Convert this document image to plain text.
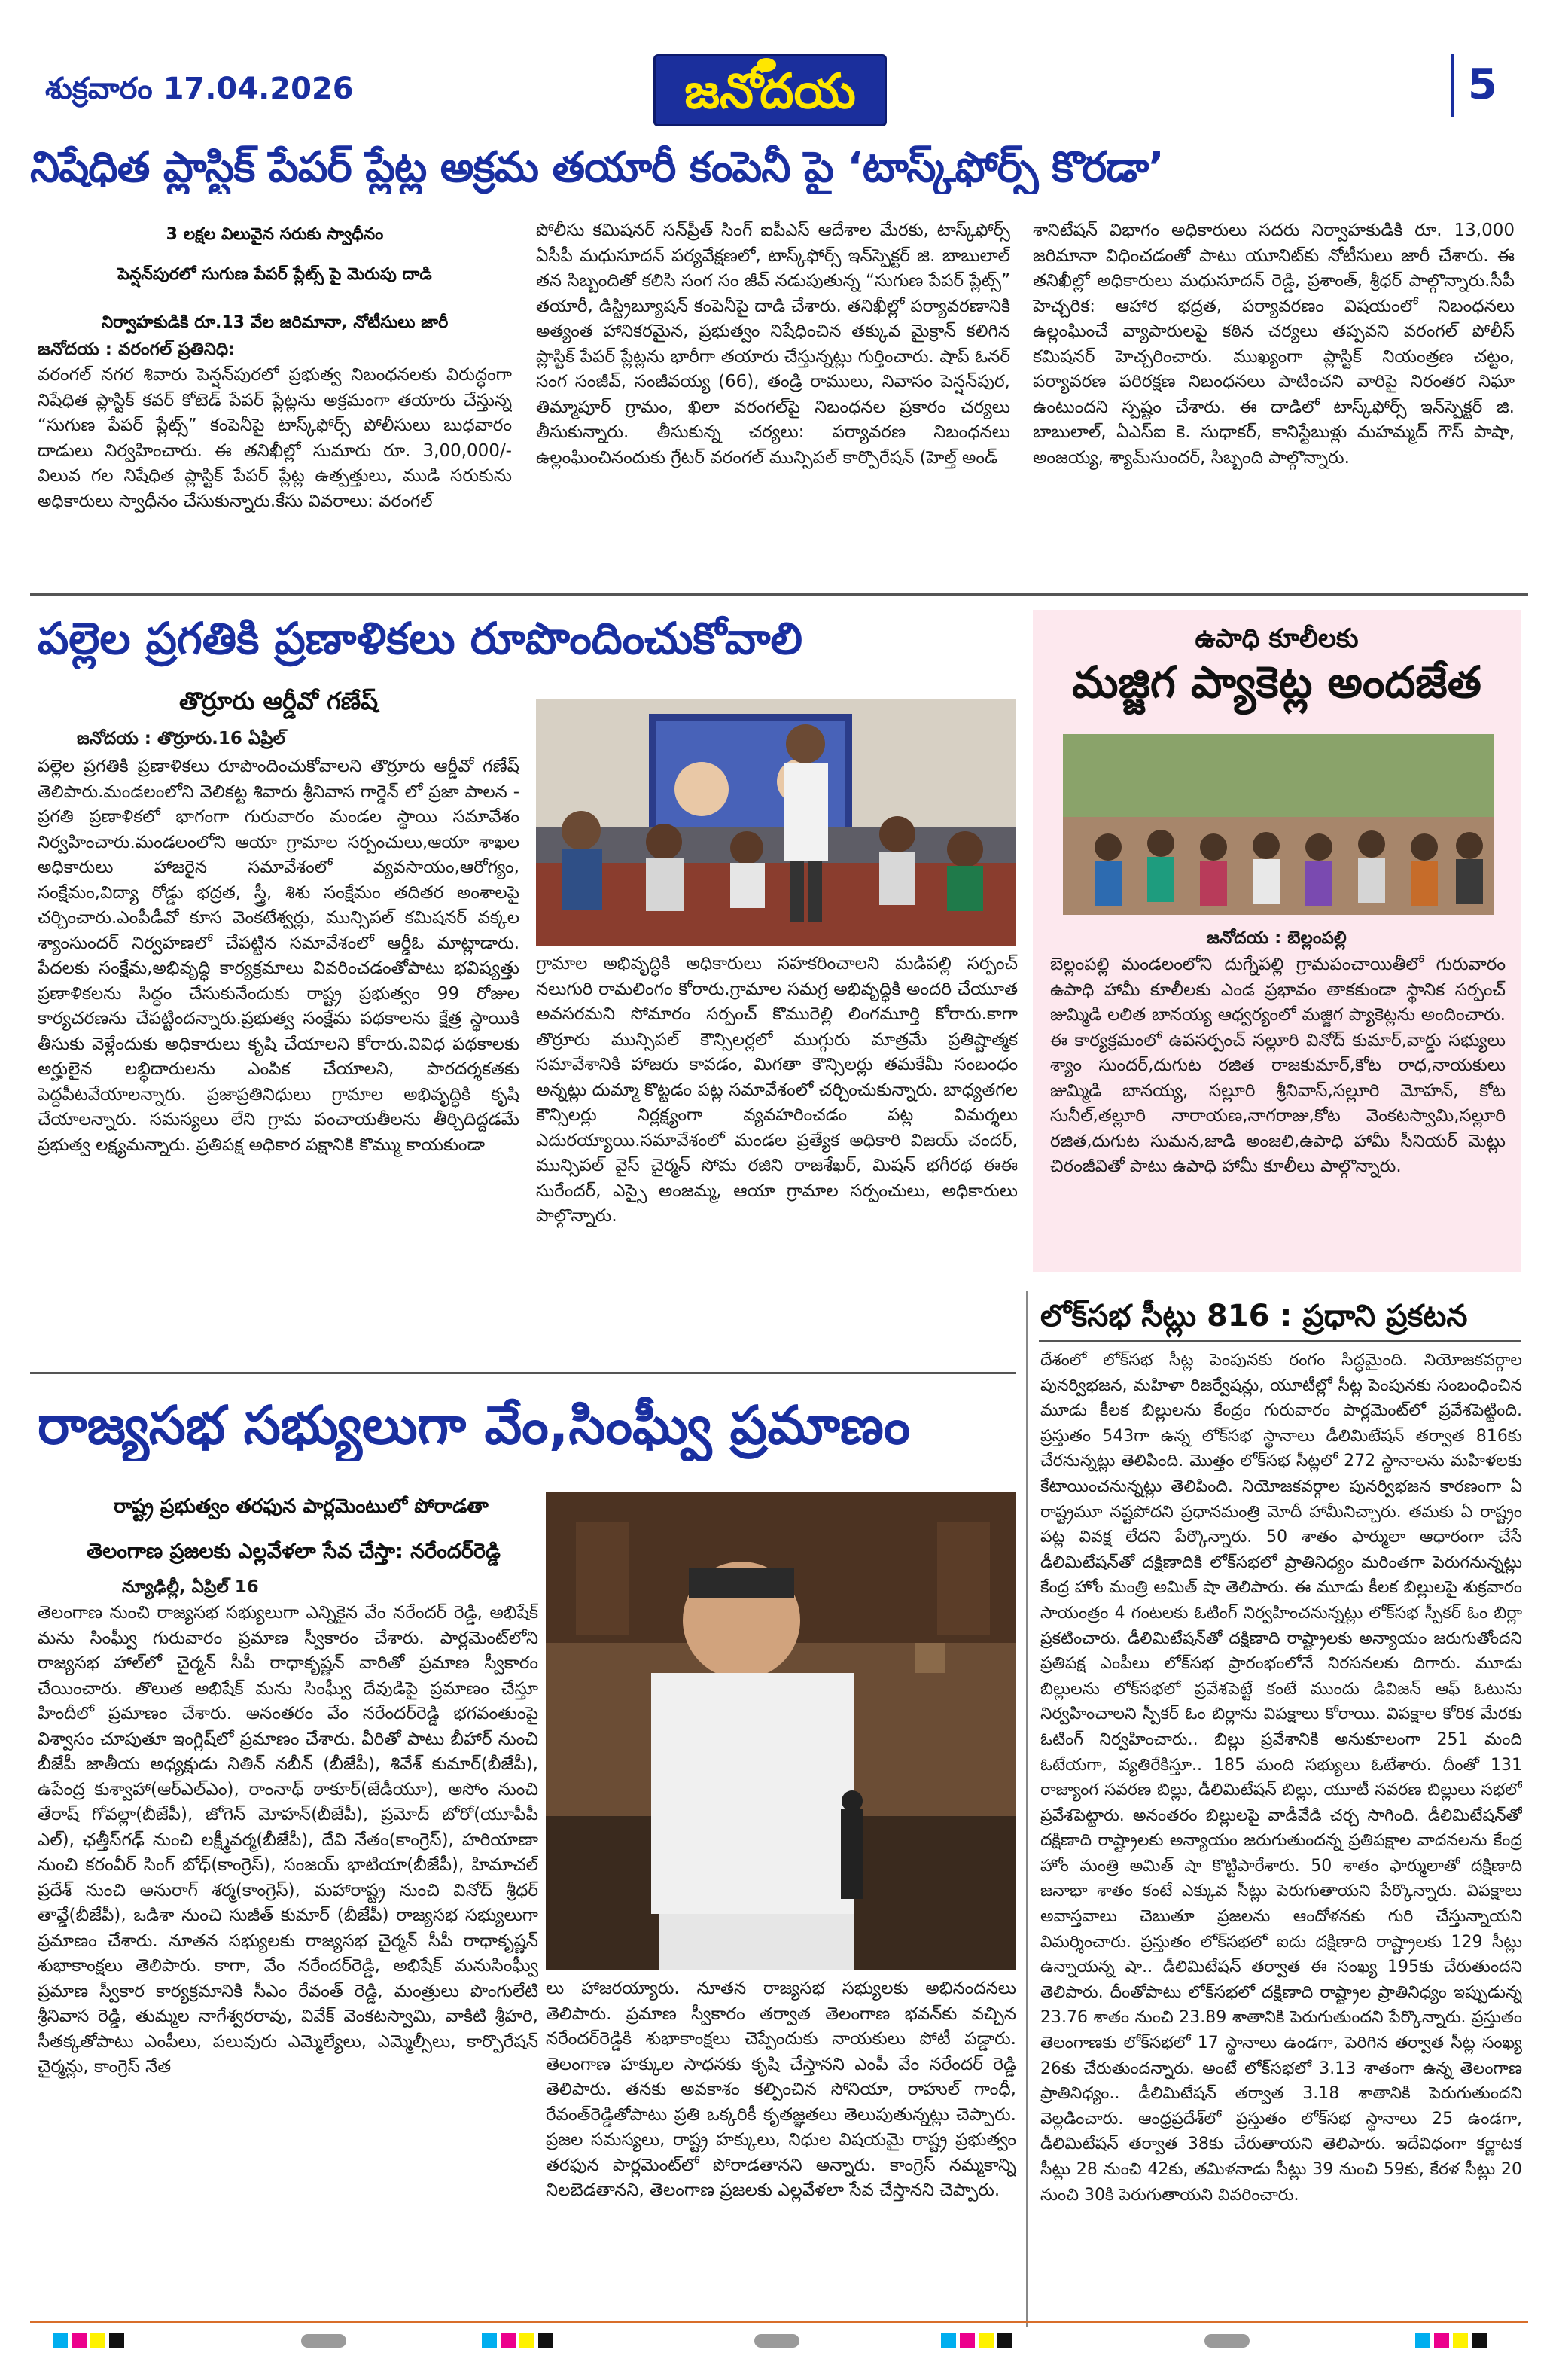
శుక్రవారం 17.04.2026	జనోదయ	5
నిషేధిత ప్లాస్టిక్ పేపర్ ప్లేట్ల అక్రమ తయారీ కంపెనీ పై ‘టాస్క్‌ఫోర్స్ కొరడా’
3 లక్షల విలువైన సరుకు స్వాధీనం
పెన్షన్‌పురలో సుగుణ పేపర్ ప్లేట్స్ పై మెరుపు దాడి
నిర్వాహకుడికి రూ.13 వేల జరిమానా, నోటీసులు జారీ
జనోదయ : వరంగల్ ప్రతినిధి:
వరంగల్ నగర శివారు పెన్షన్‌పురలో ప్రభుత్వ నిబంధనలకు విరుద్ధంగా నిషేధిత ప్లాస్టిక్ కవర్ కోటెడ్ పేపర్ ప్లేట్లను అక్రమంగా తయారు చేస్తున్న “సుగుణ పేపర్ ప్లేట్స్” కంపెనీపై టాస్క్‌ఫోర్స్ పోలీసులు బుధవారం దాడులు నిర్వహించారు. ఈ తనిఖీల్లో సుమారు రూ. 3,00,000/- విలువ గల నిషేధిత ప్లాస్టిక్ పేపర్ ప్లేట్ల ఉత్పత్తులు, ముడి సరుకును అధికారులు స్వాధీనం చేసుకున్నారు.కేసు వివరాలు: వరంగల్
పోలీసు కమిషనర్ సన్‌ప్రీత్ సింగ్ ఐపీఎస్ ఆదేశాల మేరకు, టాస్క్‌ఫోర్స్ ఏసీపీ మధుసూదన్ పర్యవేక్షణలో, టాస్క్‌ఫోర్స్ ఇన్‌స్పెక్టర్ జి. బాబులాల్ తన సిబ్బందితో కలిసి సంగ సం జీవ్ నడుపుతున్న “సుగుణ పేపర్ ప్లేట్స్” తయారీ, డిస్ట్రిబ్యూషన్ కంపెనీపై దాడి చేశారు. తనిఖీల్లో పర్యావరణానికి అత్యంత హానికరమైన, ప్రభుత్వం నిషేధించిన తక్కువ మైక్రాన్ కలిగిన ప్లాస్టిక్ పేపర్ ప్లేట్లను భారీగా తయారు చేస్తున్నట్లు గుర్తించారు. షాప్ ఓనర్ సంగ సంజీవ్, సంజీవయ్య (66), తండ్రి రాములు, నివాసం పెన్షన్‌పుర, తిమ్మాపూర్ గ్రామం, ఖిలా వరంగల్‌పై నిబంధనల ప్రకారం చర్యలు తీసుకున్నారు. తీసుకున్న చర్యలు: పర్యావరణ నిబంధనలు ఉల్లంఘించినందుకు గ్రేటర్ వరంగల్ మున్సిపల్ కార్పొరేషన్ (హెల్త్ అండ్
శానిటేషన్ విభాగం అధికారులు సదరు నిర్వాహకుడికి రూ. 13,000 జరిమానా విధించడంతో పాటు యూనిట్‌కు నోటీసులు జారీ చేశారు. ఈ తనిఖీల్లో అధికారులు మధుసూదన్ రెడ్డి, ప్రశాంత్, శ్రీధర్ పాల్గొన్నారు.సీపీ హెచ్చరిక: ఆహార భద్రత, పర్యావరణం విషయంలో నిబంధనలు ఉల్లంఘించే వ్యాపారులపై కఠిన చర్యలు తప్పవని వరంగల్ పోలీస్ కమిషనర్ హెచ్చరించారు. ముఖ్యంగా ప్లాస్టిక్ నియంత్రణ చట్టం, పర్యావరణ పరిరక్షణ నిబంధనలు పాటించని వారిపై నిరంతర నిఘా ఉంటుందని స్పష్టం చేశారు. ఈ దాడిలో టాస్క్‌ఫోర్స్ ఇన్‌స్పెక్టర్ జి. బాబులాల్, ఏఎస్ఐ కె. సుధాకర్, కానిస్టేబుళ్లు మహమ్మద్ గౌస్ పాషా, అంజయ్య, శ్యామ్‌సుందర్, సిబ్బంది పాల్గొన్నారు.
పల్లెల ప్రగతికి ప్రణాళికలు రూపొందించుకోవాలి
తొర్రూరు ఆర్డీవో గణేష్
జనోదయ : తొర్రూరు.16 ఏప్రిల్
పల్లెల ప్రగతికి ప్రణాళికలు రూపొందించుకోవాలని తొర్రూరు ఆర్డీవో గణేష్ తెలిపారు.మండలంలోని వెలికట్ట శివారు శ్రీనివాస గార్డెన్ లో ప్రజా పాలన - ప్రగతి ప్రణాళికలో భాగంగా గురువారం మండల స్థాయి సమావేశం నిర్వహించారు.మండలంలోని ఆయా గ్రామాల సర్పంచులు,ఆయా శాఖల అధికారులు హాజరైన సమావేశంలో వ్యవసాయం,ఆరోగ్యం, సంక్షేమం,విద్యా రోడ్డు భద్రత, స్త్రీ, శిశు సంక్షేమం తదితర అంశాలపై చర్చించారు.ఎంపీడీవో కూస వెంకటేశ్వర్లు, మున్సిపల్ కమిషనర్ వక్కల శ్యాంసుందర్ నిర్వహణలో చేపట్టిన సమావేశంలో ఆర్డీఓ మాట్లాడారు. పేదలకు సంక్షేమ,అభివృద్ధి కార్యక్రమాలు వివరించడంతోపాటు భవిష్యత్తు ప్రణాళికలను సిద్ధం చేసుకునేందుకు రాష్ట్ర ప్రభుత్వం 99 రోజుల కార్యచరణను చేపట్టిందన్నారు.ప్రభుత్వ సంక్షేమ పథకాలను క్షేత్ర స్థాయికి తీసుకు వెళ్లేందుకు అధికారులు కృషి చేయాలని కోరారు.వివిధ పథకాలకు అర్హులైన లబ్ధిదారులను ఎంపిక చేయాలని, పారదర్శకతకు పెద్దపీటవేయాలన్నారు. ప్రజాప్రతినిధులు గ్రామాల అభివృద్ధికి కృషి చేయాలన్నారు. సమస్యలు లేని గ్రామ పంచాయతీలను తీర్చిదిద్దడమే ప్రభుత్వ లక్ష్యమన్నారు. ప్రతిపక్ష అధికార పక్షానికి కొమ్ము కాయకుండా
గ్రామాల అభివృద్ధికి అధికారులు సహకరించాలని మడిపల్లి సర్పంచ్ నలుగురి రామలింగం కోరారు.గ్రామాల సమగ్ర అభివృద్ధికి అందరి చేయూత అవసరమని సోమారం సర్పంచ్ కొమురెల్లి లింగమూర్తి కోరారు.కాగా తొర్రూరు మున్సిపల్ కౌన్సిలర్లలో ముగ్గురు మాత్రమే ప్రతిష్టాత్మక సమావేశానికి హాజరు కావడం, మిగతా కౌన్సిలర్లు తమకేమీ సంబంధం అన్నట్లు దుమ్మా కొట్టడం పట్ల సమావేశంలో చర్చించుకున్నారు. బాధ్యతగల కౌన్సిలర్లు నిర్లక్ష్యంగా వ్యవహరించడం పట్ల విమర్శలు ఎదురయ్యాయి.సమావేశంలో మండల ప్రత్యేక అధికారి విజయ్ చందర్, మున్సిపల్ వైస్ చైర్మన్ సోమ రజిని రాజశేఖర్, మిషన్ భగీరథ ఈఈ సురేందర్, ఎస్సై అంజమ్మ, ఆయా గ్రామాల సర్పంచులు, అధికారులు పాల్గొన్నారు.
ఉపాధి కూలీలకు
మజ్జిగ ప్యాకెట్ల అందజేత
జనోదయ : బెల్లంపల్లి
బెల్లంపల్లి మండలంలోని దుగ్నేపల్లి గ్రామపంచాయితీలో గురువారం ఉపాధి హామీ కూలీలకు ఎండ ప్రభావం తాకకుండా స్థానిక సర్పంచ్ జుమ్మిడి లలిత బానయ్య ఆధ్వర్యంలో మజ్జిగ ప్యాకెట్లను అందించారు. ఈ కార్యక్రమంలో ఉపసర్పంచ్ సల్లూరి వినోద్ కుమార్,వార్డు సభ్యులు శ్యాం సుందర్,దుగుట రజిత రాజకుమార్,కోట రాధ,నాయకులు జుమ్మిడి బానయ్య, సల్లూరి శ్రీనివాస్,సల్లూరి మోహన్, కోట సునీల్,తల్లూరి నారాయణ,నాగరాజు,కోట వెంకటస్వామి,సల్లూరి రజిత,దుగుట సుమన,జాడి అంజలి,ఉపాధి హామీ సీనియర్ మెట్లు చిరంజీవితో పాటు ఉపాధి హామీ కూలీలు పాల్గొన్నారు.
లోక్‌సభ సీట్లు 816 : ప్రధాని ప్రకటన
దేశంలో లోక్‌సభ సీట్ల పెంపునకు రంగం సిద్ధమైంది. నియోజకవర్గాల పునర్విభజన, మహిళా రిజర్వేషన్లు, యూటీల్లో సీట్ల పెంపునకు సంబంధించిన మూడు కీలక బిల్లులను కేంద్రం గురువారం పార్లమెంట్‌లో ప్రవేశపెట్టింది. ప్రస్తుతం 543గా ఉన్న లోక్‌సభ స్థానాలు డీలిమిటేషన్ తర్వాత 816కు చేరనున్నట్లు తెలిపింది. మొత్తం లోక్‌సభ సీట్లలో 272 స్థానాలను మహిళలకు కేటాయించనున్నట్లు తెలిపింది. నియోజకవర్గాల పునర్విభజన కారణంగా ఏ రాష్ట్రమూ నష్టపోదని ప్రధానమంత్రి మోదీ హామీనిచ్చారు. తమకు ఏ రాష్ట్రం పట్ల వివక్ష లేదని పేర్కొన్నారు. 50 శాతం ఫార్ములా ఆధారంగా చేసే డీలిమిటేషన్‌తో దక్షిణాదికి లోక్‌సభలో ప్రాతినిధ్యం మరింతగా పెరుగనున్నట్లు కేంద్ర హోం మంత్రి అమిత్ షా తెలిపారు. ఈ మూడు కీలక బిల్లులపై శుక్రవారం సాయంత్రం 4 గంటలకు ఓటింగ్ నిర్వహించనున్నట్లు లోక్‌సభ స్పీకర్ ఓం బిర్లా ప్రకటించారు. డీలిమిటేషన్‌తో దక్షిణాది రాష్ట్రాలకు అన్యాయం జరుగుతోందని ప్రతిపక్ష ఎంపీలు లోక్‌సభ ప్రారంభంలోనే నిరసనలకు దిగారు. మూడు బిల్లులను లోక్‌సభలో ప్రవేశపెట్టే కంటే ముందు డివిజన్ ఆఫ్ ఓటును నిర్వహించాలని స్పీకర్ ఓం బిర్లాను విపక్షాలు కోరాయి. విపక్షాల కోరిక మేరకు ఓటింగ్ నిర్వహించారు.. బిల్లు ప్రవేశానికి అనుకూలంగా 251 మంది ఓటేయగా, వ్యతిరేకిస్తూ.. 185 మంది సభ్యులు ఓటేశారు. దీంతో 131 రాజ్యాంగ సవరణ బిల్లు, డీలిమిటేషన్ బిల్లు, యూటీ సవరణ బిల్లులు సభలో ప్రవేశపెట్టారు. అనంతరం బిల్లులపై వాడీవేడి చర్చ సాగింది. డీలిమిటేషన్‌తో దక్షిణాది రాష్ట్రాలకు అన్యాయం జరుగుతుందన్న ప్రతిపక్షాల వాదనలను కేంద్ర హోం మంత్రి అమిత్ షా కొట్టిపారేశారు. 50 శాతం ఫార్ములాతో దక్షిణాది జనాభా శాతం కంటే ఎక్కువ సీట్లు పెరుగుతాయని పేర్కొన్నారు. విపక్షాలు అవాస్తవాలు చెబుతూ ప్రజలను ఆందోళనకు గురి చేస్తున్నాయని విమర్శించారు. ప్రస్తుతం లోక్‌సభలో ఐదు దక్షిణాది రాష్ట్రాలకు 129 సీట్లు ఉన్నాయన్న షా.. డీలిమిటేషన్ తర్వాత ఈ సంఖ్య 195కు చేరుతుందని తెలిపారు. దీంతోపాటు లోక్‌సభలో దక్షిణాది రాష్ట్రాల ప్రాతినిధ్యం ఇప్పుడున్న 23.76 శాతం నుంచి 23.89 శాతానికి పెరుగుతుందని పేర్కొన్నారు. ప్రస్తుతం తెలంగాణకు లోక్‌సభలో 17 స్థానాలు ఉండగా, పెరిగిన తర్వాత సీట్ల సంఖ్య 26కు చేరుతుందన్నారు. అంటే లోక్‌సభలో 3.13 శాతంగా ఉన్న తెలంగాణ ప్రాతినిధ్యం.. డీలిమిటేషన్ తర్వాత 3.18 శాతానికి పెరుగుతుందని వెల్లడించారు. ఆంధ్రప్రదేశ్‌లో ప్రస్తుతం లోక్‌సభ స్థానాలు 25 ఉండగా, డీలిమిటేషన్ తర్వాత 38కు చేరుతాయని తెలిపారు. ఇదేవిధంగా కర్ణాటక సీట్లు 28 నుంచి 42కు, తమిళనాడు సీట్లు 39 నుంచి 59కు, కేరళ సీట్లు 20 నుంచి 30కి పెరుగుతాయని వివరించారు.
రాజ్యసభ సభ్యులుగా వేం,సింఘ్వీ ప్రమాణం
రాష్ట్ర ప్రభుత్వం తరఫున పార్లమెంటులో పోరాడతా
తెలంగాణ ప్రజలకు ఎల్లవేళలా సేవ చేస్తా: నరేందర్‌రెడ్డి
న్యూఢిల్లీ, ఏప్రిల్ 16
తెలంగాణ నుంచి రాజ్యసభ సభ్యులుగా ఎన్నికైన వేం నరేందర్ రెడ్డి, అభిషేక్ మను సింఘ్వీ గురువారం ప్రమాణ స్వీకారం చేశారు. పార్లమెంట్‌లోని రాజ్యసభ హాల్‌లో చైర్మన్ సీపీ రాధాకృష్ణన్ వారితో ప్రమాణ స్వీకారం చేయించారు. తొలుత అభిషేక్ మను సింఘ్వీ దేవుడిపై ప్రమాణం చేస్తూ హిందీలో ప్రమాణం చేశారు. అనంతరం వేం నరేందర్‌రెడ్డి భగవంతుంపై విశ్వాసం చూపుతూ ఇంగ్లిష్‌లో ప్రమాణం చేశారు. వీరితో పాటు బీహార్ నుంచి బీజేపీ జాతీయ అధ్యక్షుడు నితిన్ నబీన్ (బీజేపీ), శివేశ్ కుమార్(బీజేపీ), ఉపేంద్ర కుశ్వాహా(ఆర్ఎల్ఎం), రాంనాథ్ ఠాకూర్(జేడీయూ), అసోం నుంచి తేరాష్ గోవల్లా(బీజేపీ), జోగెన్ మోహన్(బీజేపీ), ప్రమోద్ బోరో(యూపీపీ ఎల్), ఛత్తీస్‌గఢ్ నుంచి లక్ష్మీవర్మ(బీజేపీ), దేవి నేతం(కాంగ్రెస్), హరియాణా నుంచి కరంవీర్ సింగ్ బోధ్(కాంగ్రెస్), సంజయ్ భాటియా(బీజేపీ), హిమాచల్ ప్రదేశ్ నుంచి అనురాగ్ శర్మ(కాంగ్రెస్), మహారాష్ట్ర నుంచి వినోద్ శ్రీధర్ తావ్డే(బీజేపీ), ఒడిశా నుంచి సుజీత్ కుమార్ (బీజేపీ) రాజ్యసభ సభ్యులుగా ప్రమాణం చేశారు. నూతన సభ్యులకు రాజ్యసభ చైర్మన్ సీపీ రాధాకృష్ణన్ శుభాకాంక్షలు తెలిపారు. కాగా, వేం నరేందర్‌రెడ్డి, అభిషేక్ మనుసింఘ్వీ ప్రమాణ స్వీకార కార్యక్రమానికి సీఎం రేవంత్ రెడ్డి, మంత్రులు పొంగులేటి శ్రీనివాస రెడ్డి, తుమ్మల నాగేశ్వరరావు, వివేక్ వెంకటస్వామి, వాకిటి శ్రీహరి, సీతక్కతోపాటు ఎంపీలు, పలువురు ఎమ్మెల్యేలు, ఎమ్మెల్సీలు, కార్పొరేషన్ చైర్మన్లు, కాంగ్రెస్ నేత
లు హాజరయ్యారు. నూతన రాజ్యసభ సభ్యులకు అభినందనలు తెలిపారు. ప్రమాణ స్వీకారం తర్వాత తెలంగాణ భవన్‌కు వచ్చిన నరేందర్‌రెడ్డికి శుభాకాంక్షలు చెప్పేందుకు నాయకులు పోటీ పడ్డారు. తెలంగాణ హక్కుల సాధనకు కృషి చేస్తానని ఎంపీ వేం నరేందర్ రెడ్డి తెలిపారు. తనకు అవకాశం కల్పించిన సోనియా, రాహుల్ గాంధీ, రేవంత్‌రెడ్డితోపాటు ప్రతి ఒక్కరికీ కృతజ్ఞతలు తెలుపుతున్నట్లు చెప్పారు. ప్రజల సమస్యలు, రాష్ట్ర హక్కులు, నిధుల విషయమై రాష్ట్ర ప్రభుత్వం తరఫున పార్లమెంట్‌లో పోరాడతానని అన్నారు. కాంగ్రెస్ నమ్మకాన్ని నిలబెడతానని, తెలంగాణ ప్రజలకు ఎల్లవేళలా సేవ చేస్తానని చెప్పారు.
